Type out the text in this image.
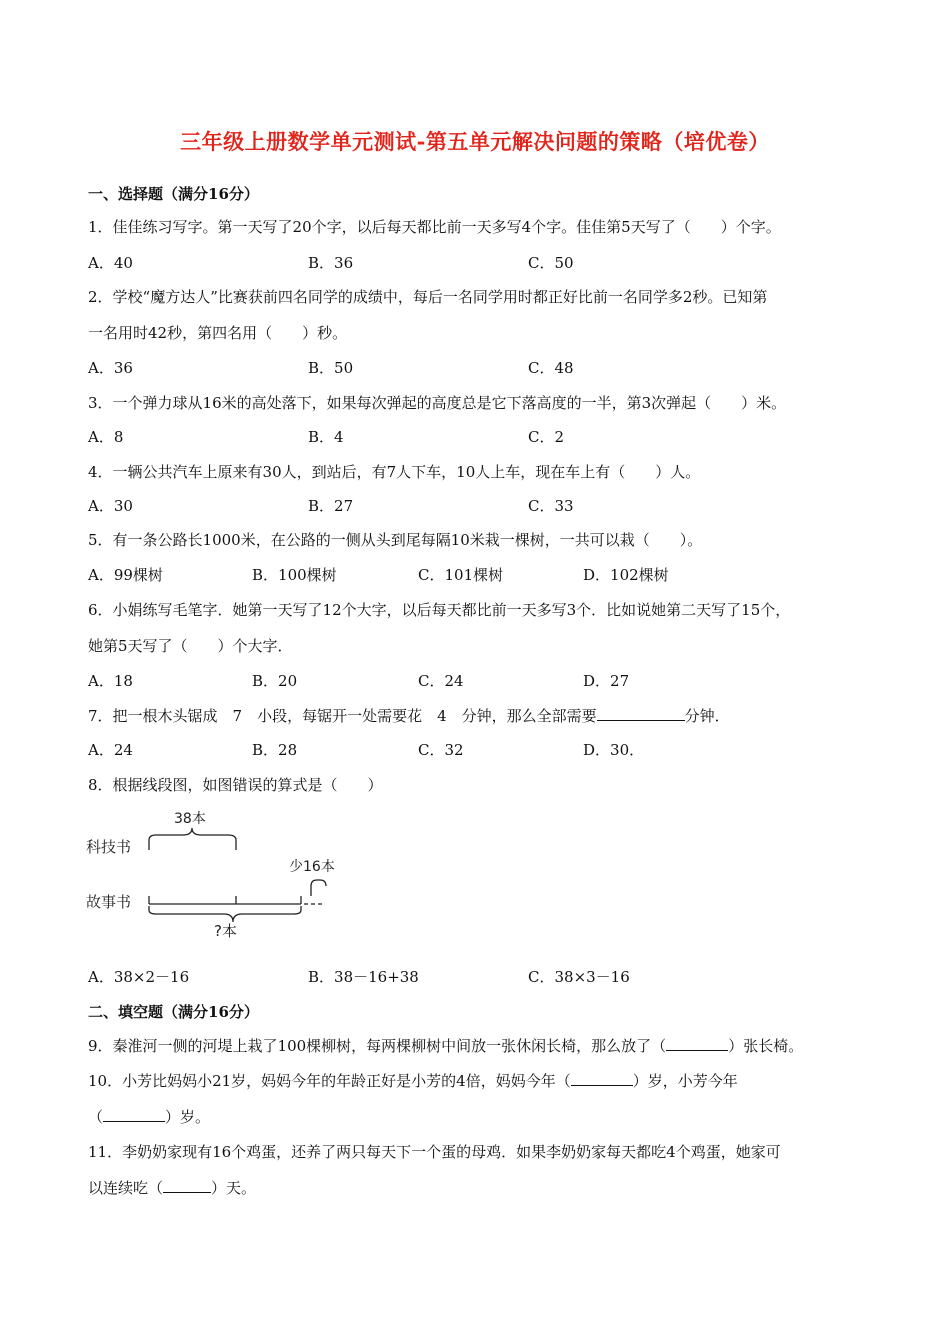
三年级上册数学单元测试-第五单元解决问题的策略（培优卷）
一、选择题（满分16分）
1．佳佳练习写字。第一天写了20个字，以后每天都比前一天多写4个字。佳佳第5天写了（　　）个字。
A．40	B．36	C．50
2．学校“魔方达人”比赛获前四名同学的成绩中，每后一名同学用时都正好比前一名同学多2秒。已知第
一名用时42秒，第四名用（　　）秒。
A．36	B．50	C．48
3．一个弹力球从16米的高处落下，如果每次弹起的高度总是它下落高度的一半，第3次弹起（　　）米。
A．8	B．4	C．2
4．一辆公共汽车上原来有30人，到站后，有7人下车，10人上车，现在车上有（　　）人。
A．30	B．27	C．33
5．有一条公路长1000米，在公路的一侧从头到尾每隔10米栽一棵树，一共可以栽（　　）。
A．99棵树	B．100棵树	C．101棵树	D．102棵树
6．小娟练写毛笔字．她第一天写了12个大字，以后每天都比前一天多写3个．比如说她第二天写了15个，
她第5天写了（　　）个大字．
A．18	B．20	C．24	D．27
7．把一根木头锯成　7　小段，每锯开一处需要花　4　分钟，那么全部需要	分钟．
A．24	B．28	C．32	D．30．
8．根据线段图，如图错误的算式是（　　）
科技书
38本
故事书
少16本
?本
A．38×2－16	B．38－16+38	C．38×3－16
二、填空题（满分16分）
9．秦淮河一侧的河堤上栽了100棵柳树，每两棵柳树中间放一张休闲长椅，那么放了（	）张长椅。
10．小芳比妈妈小21岁，妈妈今年的年龄正好是小芳的4倍，妈妈今年（	）岁，小芳今年
（	）岁。
11．李奶奶家现有16个鸡蛋，还养了两只每天下一个蛋的母鸡．如果李奶奶家每天都吃4个鸡蛋，她家可
以连续吃（	）天。
